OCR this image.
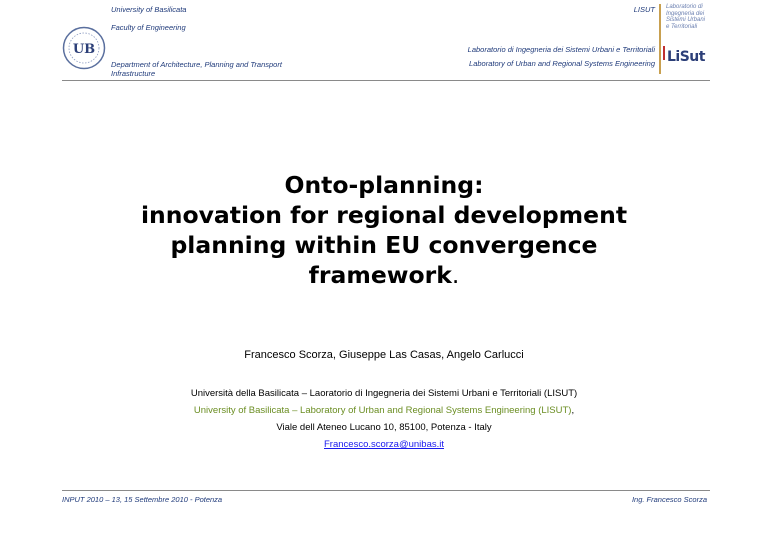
UB
University of Basilicata
Faculty of Engineering
Department of Architecture, Planning and Transport
Infrastructure
LISUT
Laboratorio di Ingegneria dei Sistemi Urbani e Territoriali
Laboratory of Urban and Regional Systems Engineering
Laboratorio di
Ingegneria dei
Sistemi Urbani
e Territoriali
LiSut
Onto-planning:
innovation for regional development
planning within EU convergence
framework.
Francesco Scorza, Giuseppe Las Casas, Angelo Carlucci
Università della Basilicata – Laoratorio di Ingegneria dei Sistemi Urbani e Territoriali (LISUT)
University of Basilicata – Laboratory of Urban and Regional Systems Engineering (LISUT),
Viale dell Ateneo Lucano 10, 85100, Potenza - Italy
Francesco.scorza@unibas.it
INPUT 2010 – 13, 15 Settembre 2010 - Potenza	Ing. Francesco Scorza
